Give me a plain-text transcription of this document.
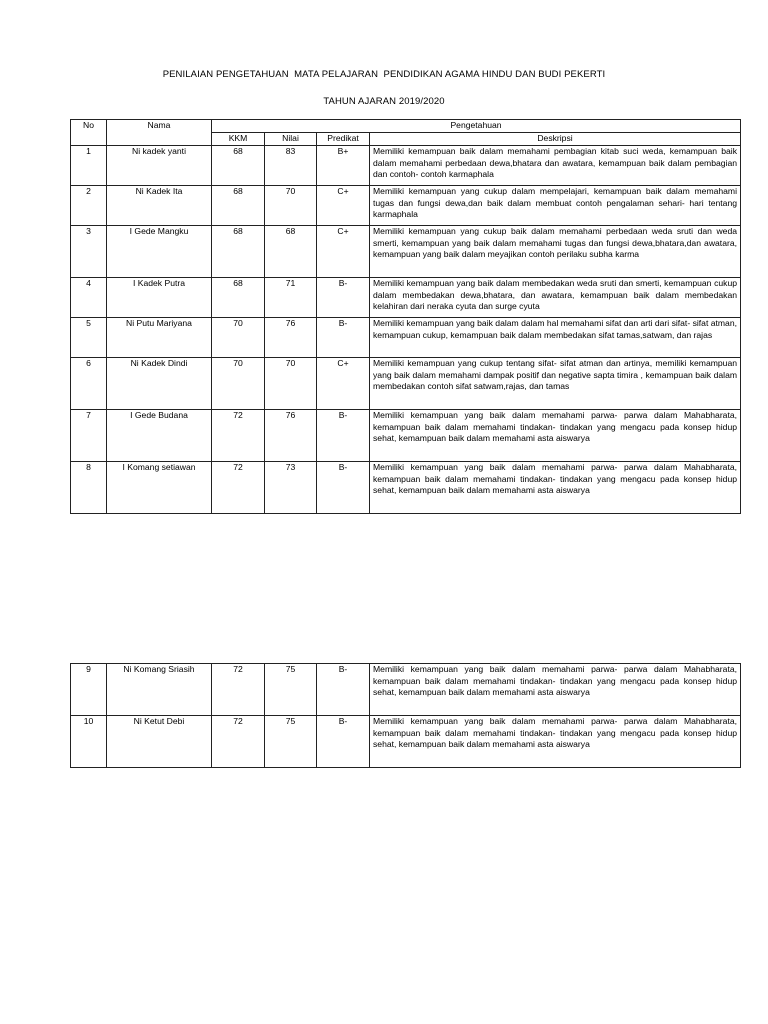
PENILAIAN PENGETAHUAN  MATA PELAJARAN  PENDIDIKAN AGAMA HINDU DAN BUDI PEKERTI
TAHUN AJARAN 2019/2020
No	Nama	Pengetahuan			
		KKM	Nilai	Predikat	Deskripsi
1	Ni kadek yanti	68	83	B+	Memiliki kemampuan baik dalam memahami pembagian kitab suci weda, kemampuan baik dalam memahami perbedaan dewa,bhatara dan awatara, kemampuan baik dalam pembagian dan contoh- contoh karmaphala
2	Ni Kadek Ita	68	70	C+	Memiliki kemampuan yang cukup dalam mempelajari, kemampuan baik dalam memahami tugas dan fungsi dewa,dan baik dalam membuat contoh pengalaman sehari- hari tentang karmaphala
3	I Gede Mangku	68	68	C+	Memiliki kemampuan yang cukup baik dalam memahami perbedaan weda sruti dan weda smerti, kemampuan yang baik dalam memahami tugas dan fungsi dewa,bhatara,dan awatara, kemampuan yang baik dalam meyajikan contoh perilaku subha karma
4	I Kadek Putra	68	71	B-	Memiliki kemampuan yang baik dalam membedakan weda sruti dan smerti, kemampuan cukup dalam membedakan dewa,bhatara, dan awatara, kemampuan baik dalam membedakan kelahiran dari neraka cyuta dan surge cyuta
5	Ni Putu Mariyana	70	76	B-	Memiliki kemampuan yang baik dalam dalam hal memahami sifat dan arti dari sifat- sifat atman, kemampuan cukup, kemampuan baik dalam membedakan sifat tamas,satwam, dan rajas
6	Ni Kadek Dindi	70	70	C+	Memiliki kemampuan yang cukup tentang sifat- sifat atman dan artinya, memiliki kemampuan yang baik dalam memahami dampak positif dan negative sapta timira , kemampuan baik dalam membedakan contoh sifat satwam,rajas, dan tamas
7	I Gede Budana	72	76	B-	Memiliki kemampuan yang baik dalam memahami parwa- parwa dalam Mahabharata, kemampuan baik dalam memahami tindakan- tindakan yang mengacu pada konsep hidup sehat, kemampuan baik dalam memahami asta aiswarya
8	I Komang setiawan	72	73	B-	Memiliki kemampuan yang baik dalam memahami parwa- parwa dalam Mahabharata, kemampuan baik dalam memahami tindakan- tindakan yang mengacu pada konsep hidup sehat, kemampuan baik dalam memahami asta aiswarya
9	Ni Komang Sriasih	72	75	B-	Memiliki kemampuan yang baik dalam memahami parwa- parwa dalam Mahabharata, kemampuan baik dalam memahami tindakan- tindakan yang mengacu pada konsep hidup sehat, kemampuan baik dalam memahami asta aiswarya
10	Ni Ketut Debi	72	75	B-	Memiliki kemampuan yang baik dalam memahami parwa- parwa dalam Mahabharata, kemampuan baik dalam memahami tindakan- tindakan yang mengacu pada konsep hidup sehat, kemampuan baik dalam memahami asta aiswarya
